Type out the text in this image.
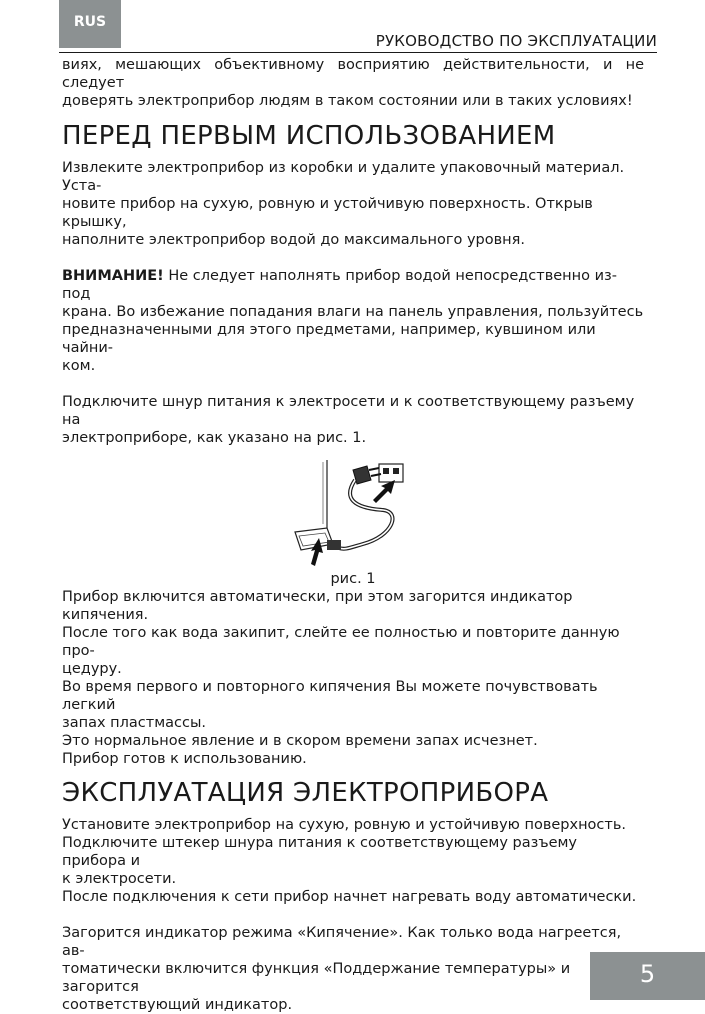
RUS
РУКОВОДСТВО ПО ЭКСПЛУАТАЦИИ

виях, мешающих объективному восприятию действительности, и не следует

доверять электроприбор людям в таком состоянии или в таких условиях!

ПЕРЕД ПЕРВЫМ ИСПОЛЬЗОВАНИЕМ

Извлеките электроприбор из коробки и удалите упаковочный материал. Уста-

новите прибор на сухую, ровную и устойчивую поверхность. Открыв крышку,

наполните электроприбор водой до максимального уровня.

ВНИМАНИЕ! Не следует наполнять прибор водой непосредственно из-под

крана. Во избежание попадания влаги на панель управления, пользуйтесь

предназначенными для этого предметами, например, кувшином или чайни-

ком.

Подключите шнур питания к электросети и к соответствующему разъему на

электроприборе, как указано на рис. 1.

рис. 1

Прибор включится автоматически, при этом загорится индикатор кипячения.

После того как вода закипит, слейте ее полностью и повторите данную про-

цедуру.

Во время первого и повторного кипячения Вы можете почувствовать легкий

запах пластмассы.

Это нормальное явление и в скором времени запах исчезнет.

Прибор готов к использованию.

ЭКСПЛУАТАЦИЯ ЭЛЕКТРОПРИБОРА

Установите электроприбор на сухую, ровную и устойчивую поверхность.

Подключите штекер шнура питания к соответствующему разъему прибора и

к электросети.

После подключения к сети прибор начнет нагревать воду автоматически.

Загорится индикатор режима «Кипячение». Как только вода нагреется, ав-

томатически включится функция «Поддержание температуры» и загорится

соответствующий индикатор.

5
